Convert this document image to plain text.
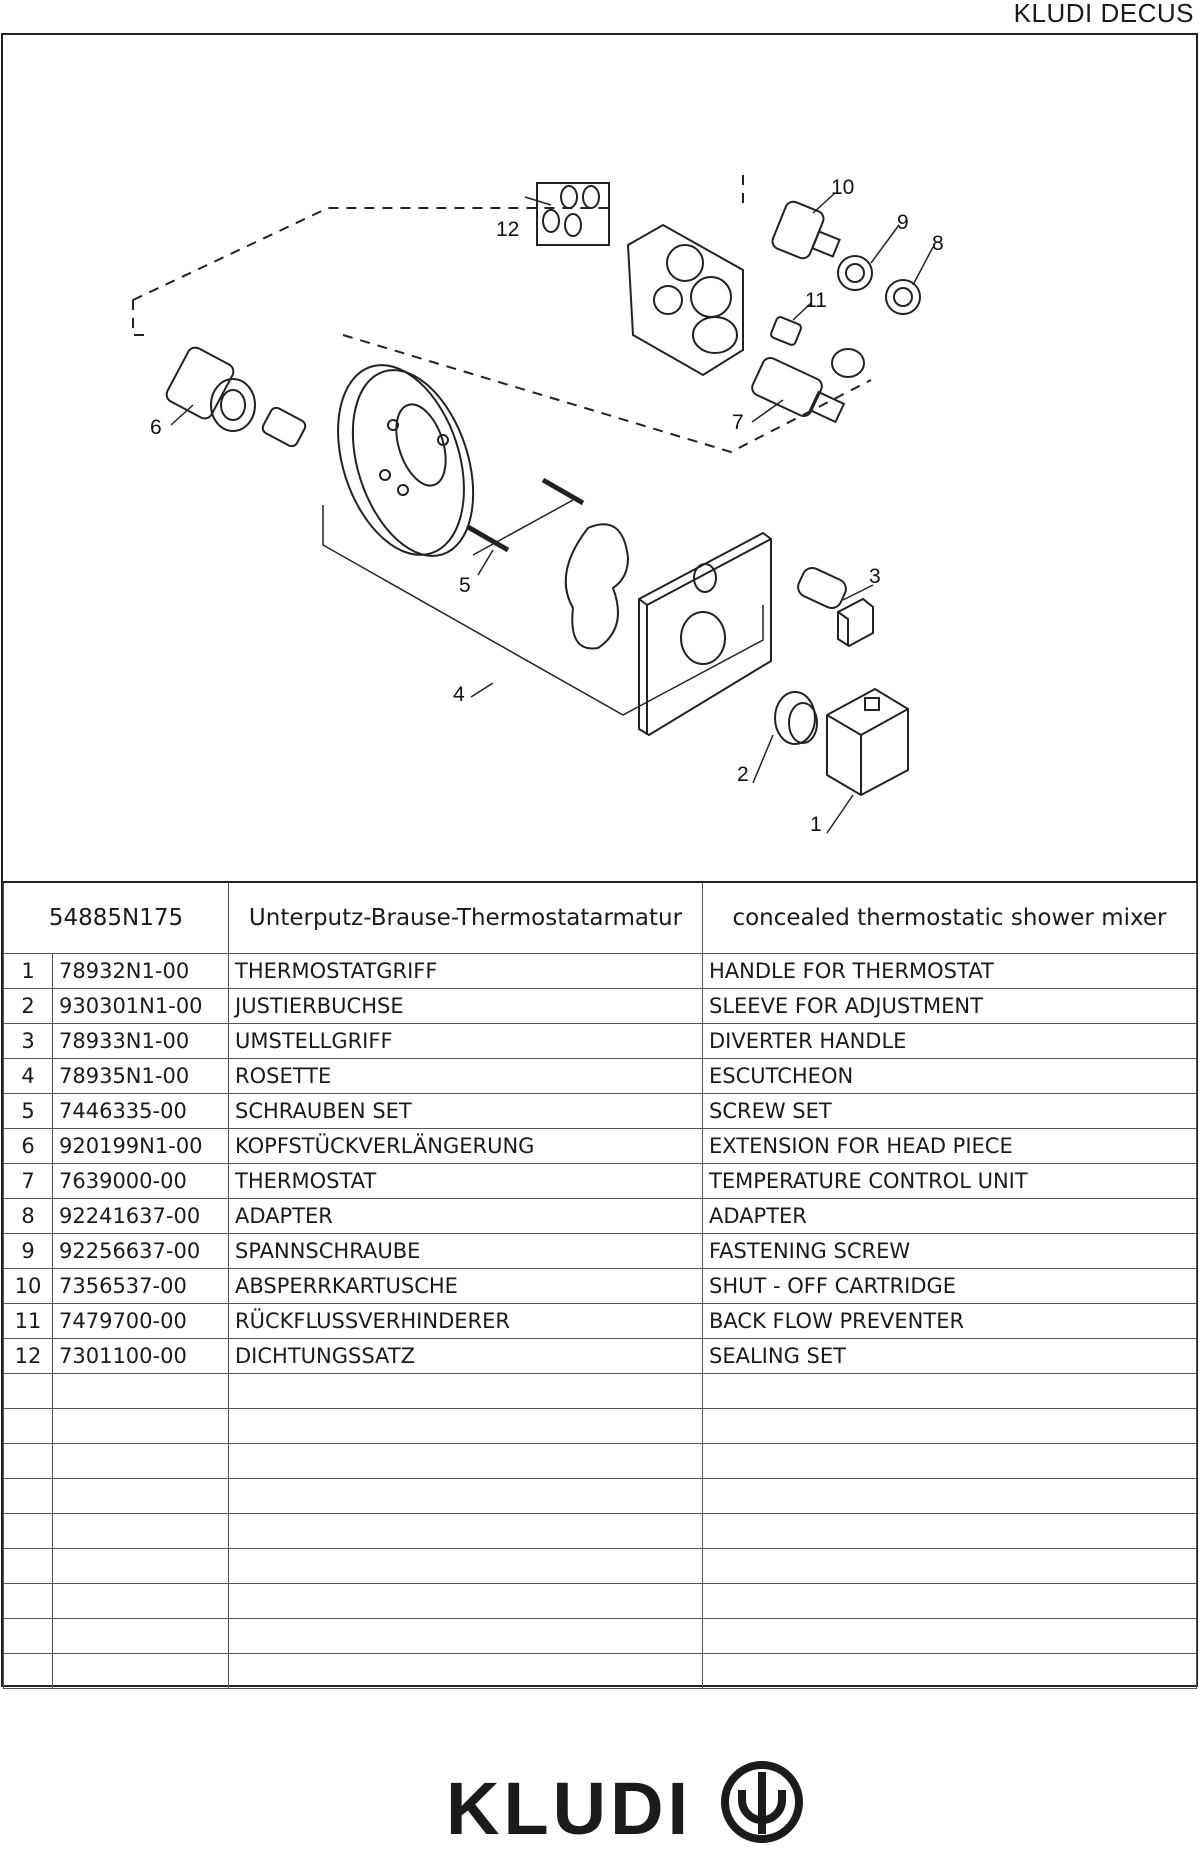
KLUDI DECUS
1
2
3
4
5
6	7
8
9
10
11
12
54885N175		Unterputz-Brause-Thermostatarmatur	concealed thermostatic shower mixer
1	78932N1-00	THERMOSTATGRIFF	HANDLE FOR THERMOSTAT
2	930301N1-00	JUSTIERBUCHSE	SLEEVE FOR ADJUSTMENT
3	78933N1-00	UMSTELLGRIFF	DIVERTER HANDLE
4	78935N1-00	ROSETTE	ESCUTCHEON
5	7446335-00	SCHRAUBEN SET	SCREW SET
6	920199N1-00	KOPFSTÜCKVERLÄNGERUNG	EXTENSION FOR HEAD PIECE
7	7639000-00	THERMOSTAT	TEMPERATURE CONTROL UNIT
8	92241637-00	ADAPTER	ADAPTER
9	92256637-00	SPANNSCHRAUBE	FASTENING SCREW
10	7356537-00	ABSPERRKARTUSCHE	SHUT - OFF CARTRIDGE
11	7479700-00	RÜCKFLUSSVERHINDERER	BACK FLOW PREVENTER
12	7301100-00	DICHTUNGSSATZ	SEALING SET

KLUDI
